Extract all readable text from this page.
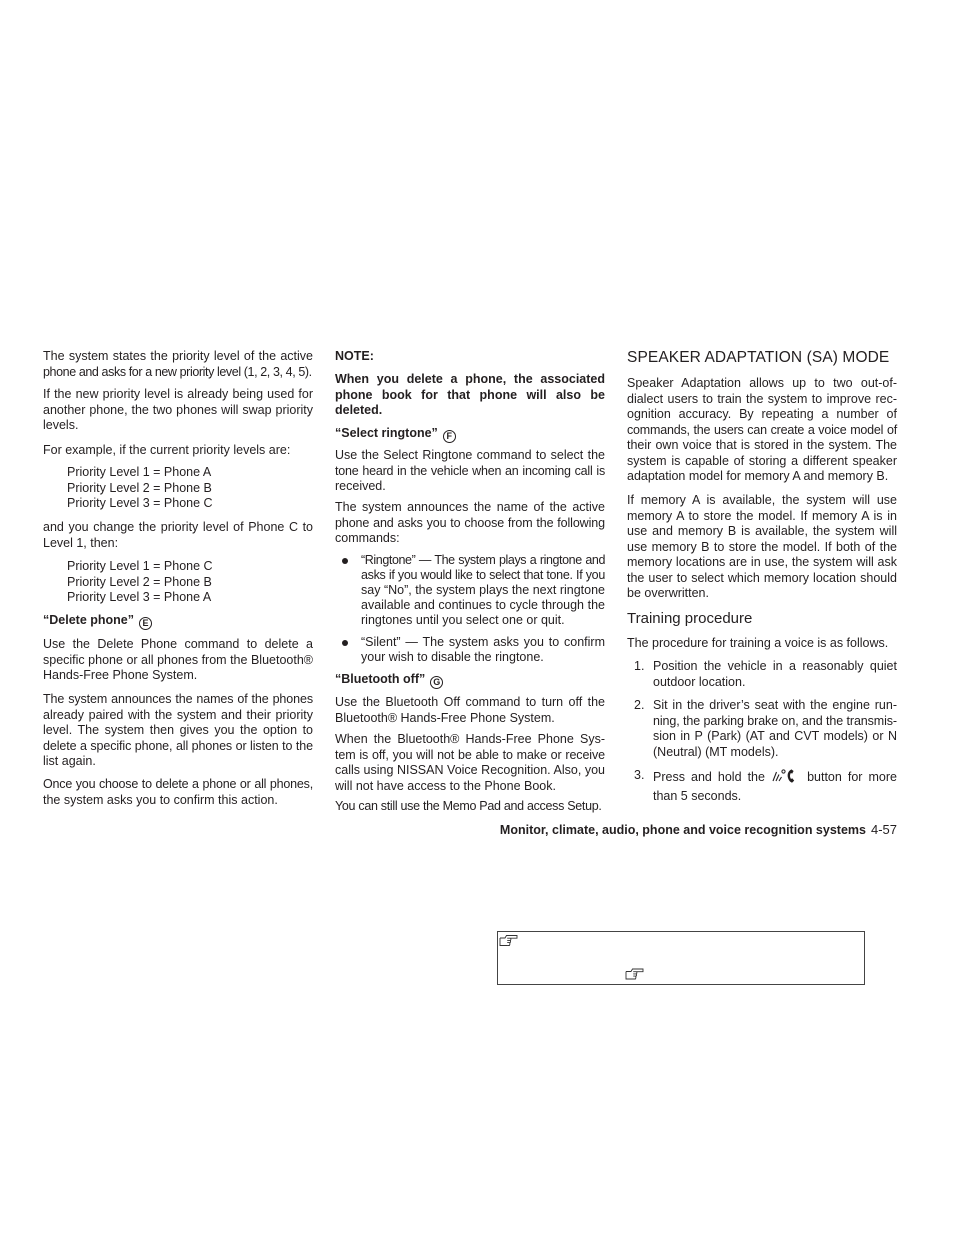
The system states the priority level of the active
phone and asks for a new priority level (1, 2, 3, 4, 5).
If the new priority level is already being used for
another phone, the two phones will swap priority
levels.
For example, if the current priority levels are:
Priority Level 1 = Phone A
Priority Level 2 = Phone B
Priority Level 3 = Phone C
and you change the priority level of Phone C to
Level 1, then:
Priority Level 1 = Phone C
Priority Level 2 = Phone B
Priority Level 3 = Phone A
“Delete phone” E
Use the Delete Phone command to delete a
specific phone or all phones from the Bluetooth®
Hands-Free Phone System.
The system announces the names of the phones
already paired with the system and their priority
level. The system then gives you the option to
delete a specific phone, all phones or listen to the
list again.
Once you choose to delete a phone or all phones,
the system asks you to confirm this action.
NOTE:
When you delete a phone, the associated
phone book for that phone will also be
deleted.
“Select ringtone” F
Use the Select Ringtone command to select the
tone heard in the vehicle when an incoming call is
received.
The system announces the name of the active
phone and asks you to choose from the following
commands:
“Ringtone” — The system plays a ringtone and
asks if you would like to select that tone. If you
say “No”, the system plays the next ringtone
available and continues to cycle through the
ringtones until you select one or quit.
“Silent” — The system asks you to confirm
your wish to disable the ringtone.
“Bluetooth off” G
Use the Bluetooth Off command to turn off the
Bluetooth® Hands-Free Phone System.
When the Bluetooth® Hands-Free Phone Sys-
tem is off, you will not be able to make or receive
calls using NISSAN Voice Recognition. Also, you
will not have access to the Phone Book.
You can still use the Memo Pad and access Setup.
SPEAKER ADAPTATION (SA) MODE
Speaker Adaptation allows up to two out-of-
dialect users to train the system to improve rec-
ognition accuracy. By repeating a number of
commands, the users can create a voice model of
their own voice that is stored in the system. The
system is capable of storing a different speaker
adaptation model for memory A and memory B.
If memory A is available, the system will use
memory A to store the model. If memory A is in
use and memory B is available, the system will
use memory B to store the model. If both of the
memory locations are in use, the system will ask
the user to select which memory location should
be overwritten.
Training procedure
The procedure for training a voice is as follows.
1. Position the vehicle in a reasonably quiet
outdoor location.
2. Sit in the driver’s seat with the engine run-
ning, the parking brake on, and the transmis-
sion in P (Park) (AT and CVT models) or N
(Neutral) (MT models).
3. Press and hold the	button for more
than 5 seconds.
Monitor, climate, audio, phone and voice recognition systems 4-57
